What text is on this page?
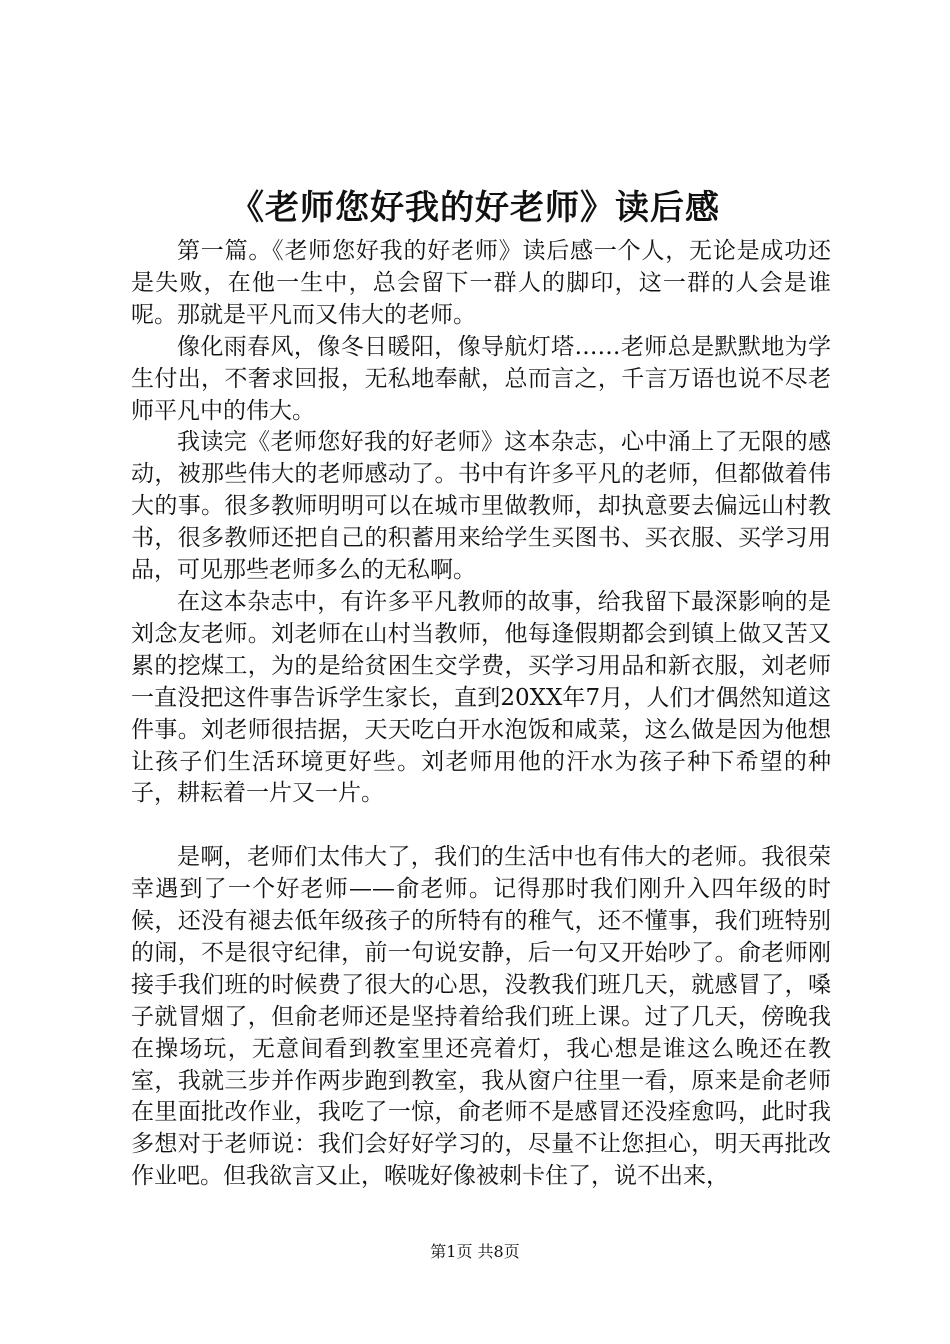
《老师您好我的好老师》读后感

第一篇。《老师您好我的好老师》读后感一个人，无论是成功还是失败，在他一生中，总会留下一群人的脚印，这一群的人会是谁呢。那就是平凡而又伟大的老师。

像化雨春风，像冬日暖阳，像导航灯塔……老师总是默默地为学生付出，不奢求回报，无私地奉献，总而言之，千言万语也说不尽老师平凡中的伟大。

我读完《老师您好我的好老师》这本杂志，心中涌上了无限的感动，被那些伟大的老师感动了。书中有许多平凡的老师，但都做着伟大的事。很多教师明明可以在城市里做教师，却执意要去偏远山村教书，很多教师还把自己的积蓄用来给学生买图书、买衣服、买学习用品，可见那些老师多么的无私啊。

在这本杂志中，有许多平凡教师的故事，给我留下最深影响的是刘念友老师。刘老师在山村当教师，他每逢假期都会到镇上做又苦又累的挖煤工，为的是给贫困生交学费，买学习用品和新衣服，刘老师一直没把这件事告诉学生家长，直到20XX年7月，人们才偶然知道这件事。刘老师很拮据，天天吃白开水泡饭和咸菜，这么做是因为他想让孩子们生活环境更好些。刘老师用他的汗水为孩子种下希望的种子，耕耘着一片又一片。

是啊，老师们太伟大了，我们的生活中也有伟大的老师。我很荣幸遇到了一个好老师——俞老师。记得那时我们刚升入四年级的时候，还没有褪去低年级孩子的所特有的稚气，还不懂事，我们班特别的闹，不是很守纪律，前一句说安静，后一句又开始吵了。俞老师刚接手我们班的时候费了很大的心思，没教我们班几天，就感冒了，嗓子就冒烟了，但俞老师还是坚持着给我们班上课。过了几天，傍晚我在操场玩，无意间看到教室里还亮着灯，我心想是谁这么晚还在教室，我就三步并作两步跑到教室，我从窗户往里一看，原来是俞老师在里面批改作业，我吃了一惊，俞老师不是感冒还没痊愈吗，此时我多想对于老师说：我们会好好学习的，尽量不让您担心，明天再批改作业吧。但我欲言又止，喉咙好像被刺卡住了，说不出来，

第1页 共8页
